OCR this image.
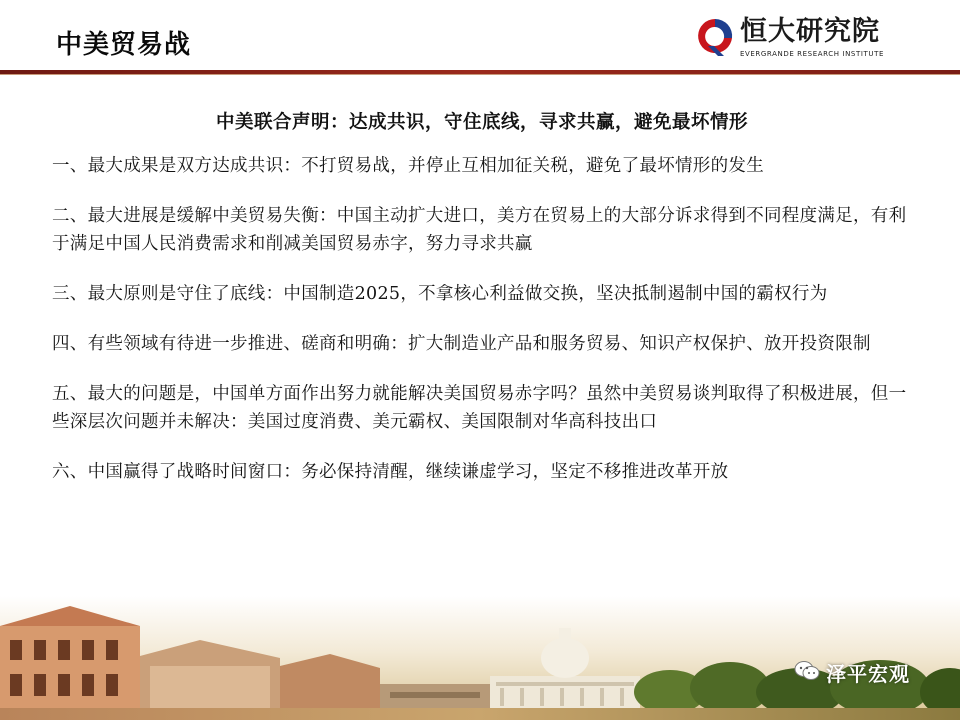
中美贸易战	恒大研究院
EVERGRANDE RESEARCH INSTITUTE
中美联合声明：达成共识，守住底线，寻求共赢，避免最坏情形
一、最大成果是双方达成共识：不打贸易战，并停止互相加征关税，避免了最坏情形的发生
二、最大进展是缓解中美贸易失衡：中国主动扩大进口，美方在贸易上的大部分诉求得到不同程度满足，有利于满足中国人民消费需求和削减美国贸易赤字，努力寻求共赢
三、最大原则是守住了底线：中国制造2025，不拿核心利益做交换，坚决抵制遏制中国的霸权行为
四、有些领域有待进一步推进、磋商和明确：扩大制造业产品和服务贸易、知识产权保护、放开投资限制
五、最大的问题是，中国单方面作出努力就能解决美国贸易赤字吗？虽然中美贸易谈判取得了积极进展，但一些深层次问题并未解决：美国过度消费、美元霸权、美国限制对华高科技出口
六、中国赢得了战略时间窗口：务必保持清醒，继续谦虚学习，坚定不移推进改革开放
泽平宏观
